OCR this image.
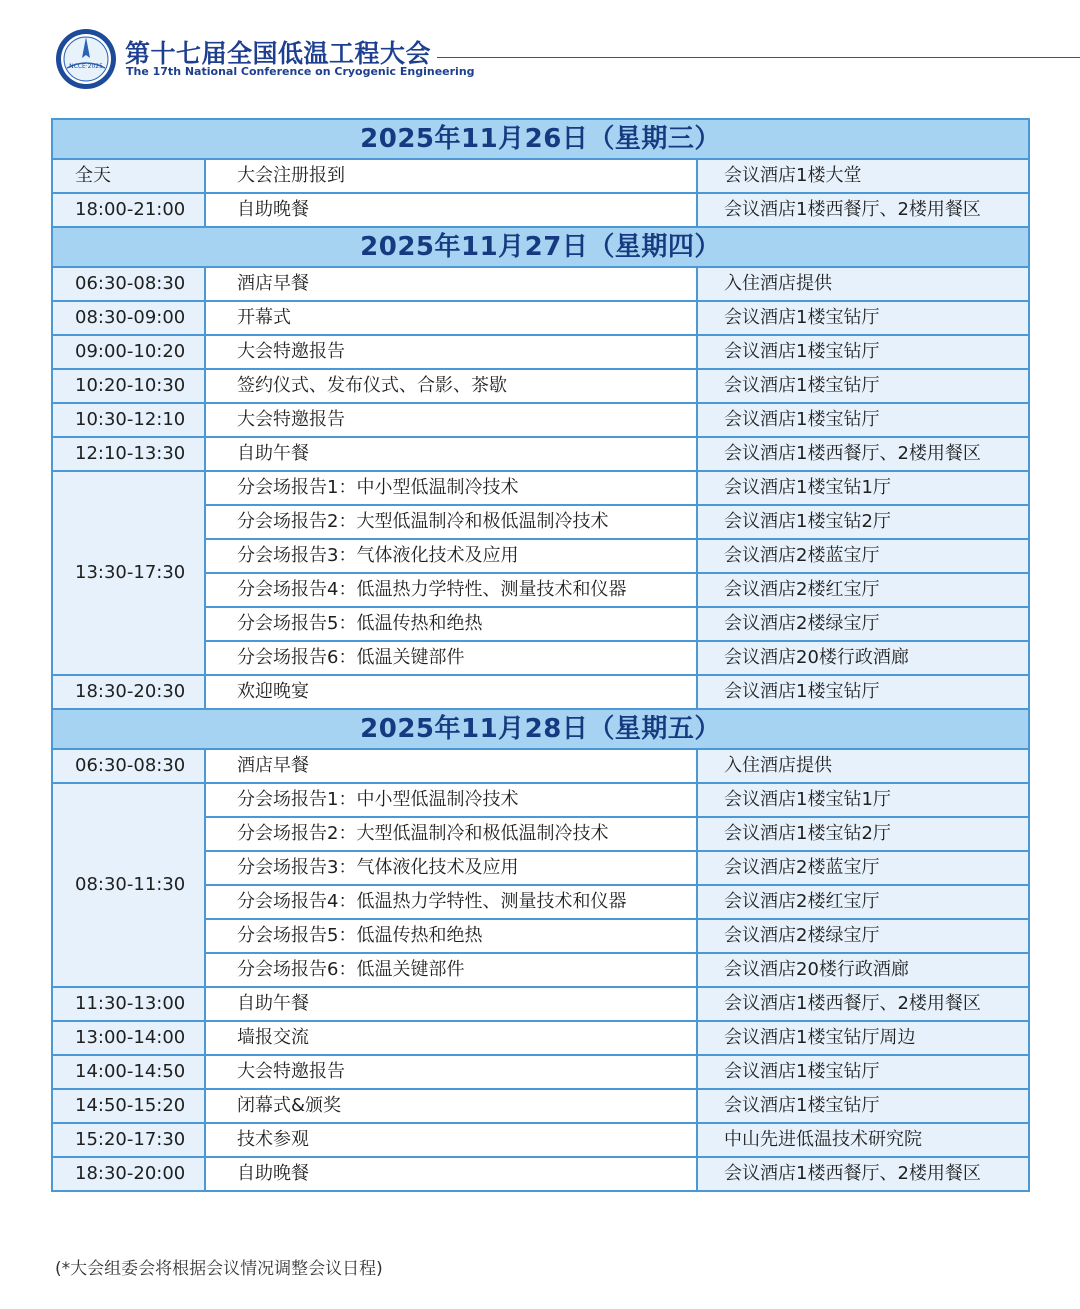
NCCE·2025 第十七届全国低温工程大会
The 17th National Conference on Cryogenic Engineering
2025年11月26日（星期三）		
全天	大会注册报到	会议酒店1楼大堂
18:00-21:00	自助晚餐	会议酒店1楼西餐厅、2楼用餐区
2025年11月27日（星期四）		
06:30-08:30	酒店早餐	入住酒店提供
08:30-09:00	开幕式	会议酒店1楼宝钻厅
09:00-10:20	大会特邀报告	会议酒店1楼宝钻厅
10:20-10:30	签约仪式、发布仪式、合影、茶歇	会议酒店1楼宝钻厅
10:30-12:10	大会特邀报告	会议酒店1楼宝钻厅
12:10-13:30	自助午餐	会议酒店1楼西餐厅、2楼用餐区
13:30-17:30	分会场报告1：中小型低温制冷技术	会议酒店1楼宝钻1厅
	分会场报告2：大型低温制冷和极低温制冷技术	会议酒店1楼宝钻2厅
	分会场报告3：气体液化技术及应用	会议酒店2楼蓝宝厅
	分会场报告4：低温热力学特性、测量技术和仪器	会议酒店2楼红宝厅
	分会场报告5：低温传热和绝热	会议酒店2楼绿宝厅
	分会场报告6：低温关键部件	会议酒店20楼行政酒廊
18:30-20:30	欢迎晚宴	会议酒店1楼宝钻厅
2025年11月28日（星期五）		
06:30-08:30	酒店早餐	入住酒店提供
08:30-11:30	分会场报告1：中小型低温制冷技术	会议酒店1楼宝钻1厅
	分会场报告2：大型低温制冷和极低温制冷技术	会议酒店1楼宝钻2厅
	分会场报告3：气体液化技术及应用	会议酒店2楼蓝宝厅
	分会场报告4：低温热力学特性、测量技术和仪器	会议酒店2楼红宝厅
	分会场报告5：低温传热和绝热	会议酒店2楼绿宝厅
	分会场报告6：低温关键部件	会议酒店20楼行政酒廊
11:30-13:00	自助午餐	会议酒店1楼西餐厅、2楼用餐区
13:00-14:00	墙报交流	会议酒店1楼宝钻厅周边
14:00-14:50	大会特邀报告	会议酒店1楼宝钻厅
14:50-15:20	闭幕式&颁奖	会议酒店1楼宝钻厅
15:20-17:30	技术参观	中山先进低温技术研究院
18:30-20:00	自助晚餐	会议酒店1楼西餐厅、2楼用餐区
(*大会组委会将根据会议情况调整会议日程)
